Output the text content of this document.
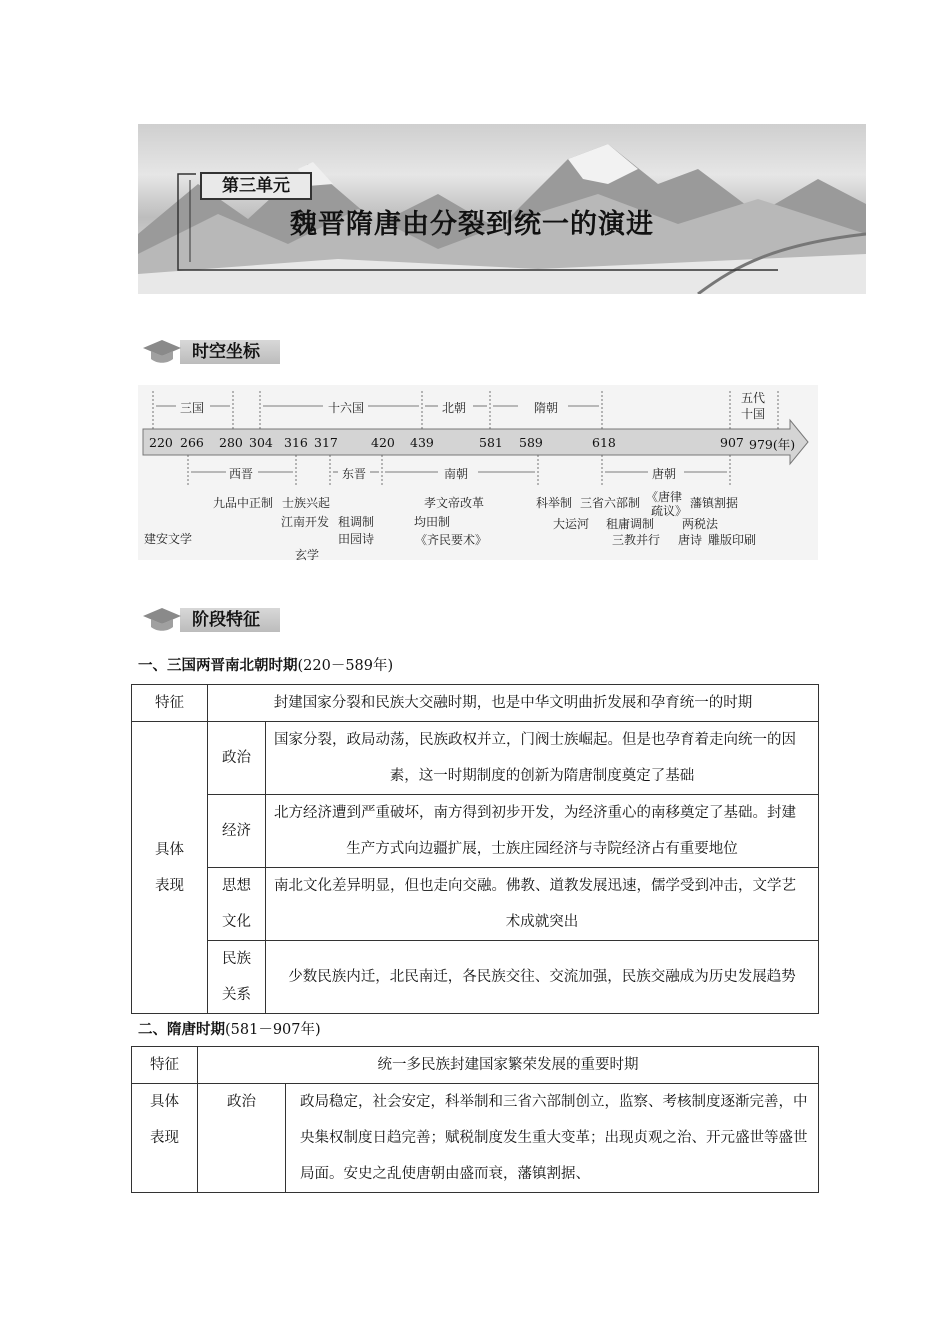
第三单元
魏晋隋唐由分裂到统一的演进
时空坐标
三国	十六国	北朝	隋朝
五代
十国
220 266 280 304 316 317	420 439	581 589	618	907 979(年)
西晋	东晋	南朝	唐朝
建安文学
九品中正制 士族兴起
江南开发 租调制
田园诗
玄学
孝文帝改革
均田制
《齐民要术》
科举制
大运河
三省六部制 《唐律
疏议》
租庸调制
三教并行
藩镇割据
两税法
唐诗 雕版印刷
阶段特征
一、三国两晋南北朝时期(220－589年)
特征	封建国家分裂和民族大交融时期，也是中华文明曲折发展和孕育统一的时期	
具体
表现	政治	国家分裂，政局动荡，民族政权并立，门阀士族崛起。但是也孕育着走向统一的因素，这一时期制度的创新为隋唐制度奠定了基础
	经济	北方经济遭到严重破坏，南方得到初步开发，为经济重心的南移奠定了基础。封建生产方式向边疆扩展，士族庄园经济与寺院经济占有重要地位
	思想
文化	南北文化差异明显，但也走向交融。佛教、道教发展迅速，儒学受到冲击，文学艺术成就突出
	民族
关系	少数民族内迁，北民南迁，各民族交往、交流加强，民族交融成为历史发展趋势
二、隋唐时期(581－907年)
特征	统一多民族封建国家繁荣发展的重要时期	
具体
表现	政治	政局稳定，社会安定，科举制和三省六部制创立，监察、考核制度逐渐完善，中央集权制度日趋完善；赋税制度发生重大变革；出现贞观之治、开元盛世等盛世局面。安史之乱使唐朝由盛而衰，藩镇割据、
